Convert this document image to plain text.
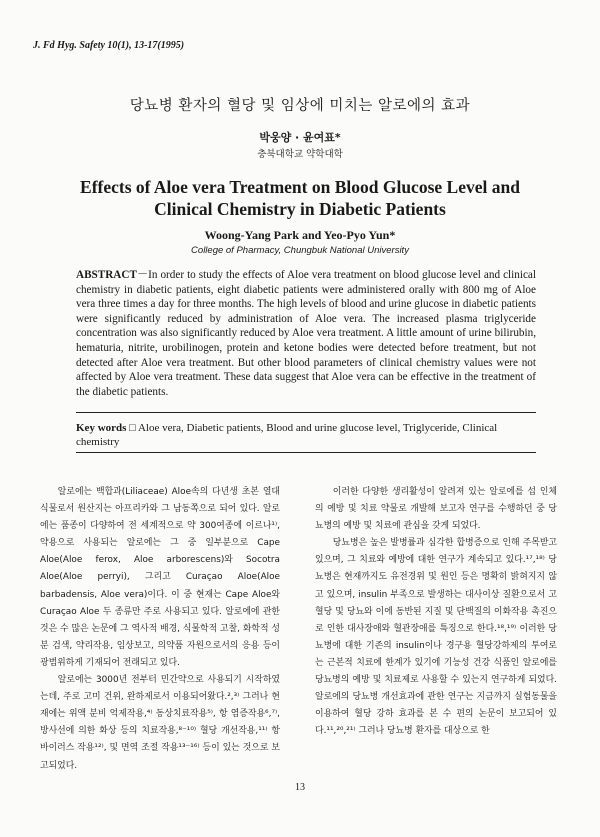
J. Fd Hyg. Safety 10(1), 13-17(1995)
당뇨병 환자의 혈당 및 임상에 미치는 알로에의 효과
박웅양 · 윤여표*
충북대학교 약학대학
Effects of Aloe vera Treatment on Blood Glucose Level and
Clinical Chemistry in Diabetic Patients
Woong-Yang Park and Yeo-Pyo Yun*
College of Pharmacy, Chungbuk National University
ABSTRACT－In order to study the effects of Aloe vera treatment on blood glucose level and clinical chemistry in diabetic patients, eight diabetic patients were administered orally with 800 mg of Aloe vera three times a day for three months. The high levels of blood and urine glucose in diabetic patients were significantly reduced by administration of Aloe vera. The increased plasma triglyceride concentration was also significantly reduced by Aloe vera treatment. A little amount of urine bilirubin, hematuria, nitrite, urobilinogen, protein and ketone bodies were detected before treatment, but not detected after Aloe vera treatment. But other blood parameters of clinical chemistry values were not affected by Aloe vera treatment. These data suggest that Aloe vera can be effective in the treatment of the diabetic patients.
Key words □ Aloe vera, Diabetic patients, Blood and urine glucose level, Triglyceride, Clinical chemistry

알로에는 백합과(Liliaceae) Aloe속의 다년생 초본 열대 식물로서 원산지는 아프리카와 그 남동쪽으로 되어 있다. 알로에는 품종이 다양하여 전 세계적으로 약 300여종에 이르나¹⁾, 약용으로 사용되는 알로에는 그 중 일부분으로 Cape Aloe(Aloe ferox, Aloe arborescens)와 Socotra Aloe(Aloe perryi), 그리고 Curaçao Aloe(Aloe barbadensis, Aloe vera)이다. 이 중 현재는 Cape Aloe와 Curaçao Aloe 두 종류만 주로 사용되고 있다. 알로에에 관한 것은 수 많은 논문에 그 역사적 배경, 식물학적 고찰, 화학적 성분 검색, 약리작용, 임상보고, 의약품 자원으로서의 응용 등이 광범위하게 기재되어 전래되고 있다.

알로에는 3000년 전부터 민간약으로 사용되기 시작하였는데, 주로 고미 건위, 완하제로서 이용되어왔다.²,³⁾ 그러나 현재에는 위액 분비 억제작용,⁴⁾ 동상치료작용⁵⁾, 항 염증작용⁶,⁷⁾, 방사선에 의한 화상 등의 치료작용,⁸⁻¹⁰⁾ 혈당 개선작용,¹¹⁾ 항바이러스 작용¹²⁾, 및 면역 조절 작용¹³⁻¹⁶⁾ 등이 있는 것으로 보고되었다.

이러한 다양한 생리활성이 알려져 있는 알로에를 섭 인체의 예방 및 치료 약물로 개발해 보고자 연구를 수행하던 중 당뇨병의 예방 및 치료에 관심을 갖게 되었다.

당뇨병은 높은 발병률과 심각한 합병증으로 인해 주목받고 있으며, 그 치료와 예방에 대한 연구가 계속되고 있다.¹⁷,¹⁸⁾ 당뇨병은 현재까지도 유전경위 및 원인 등은 명확히 밝혀지지 않고 있으며, insulin 부족으로 발생하는 대사이상 질환으로서 고혈당 및 당뇨와 이에 동반된 지질 및 단백질의 이화작용 촉진으로 인한 대사장애와 혈관장애를 특징으로 한다.¹⁸,¹⁹⁾ 이러한 당뇨병에 대한 기존의 insulin이나 경구용 혈당강하제의 투여로는 근본적 치료에 한계가 있기에 기능성 건강 식품인 알로에를 당뇨병의 예방 및 치료제로 사용할 수 있는지 연구하게 되었다. 알로에의 당뇨병 개선효과에 관한 연구는 지금까지 실험동물을 이용하여 혈당 강하 효과를 본 수 편의 논문이 보고되어 있다.¹¹,²⁰,²¹⁾ 그러나 당뇨병 환자를 대상으로 한

13
